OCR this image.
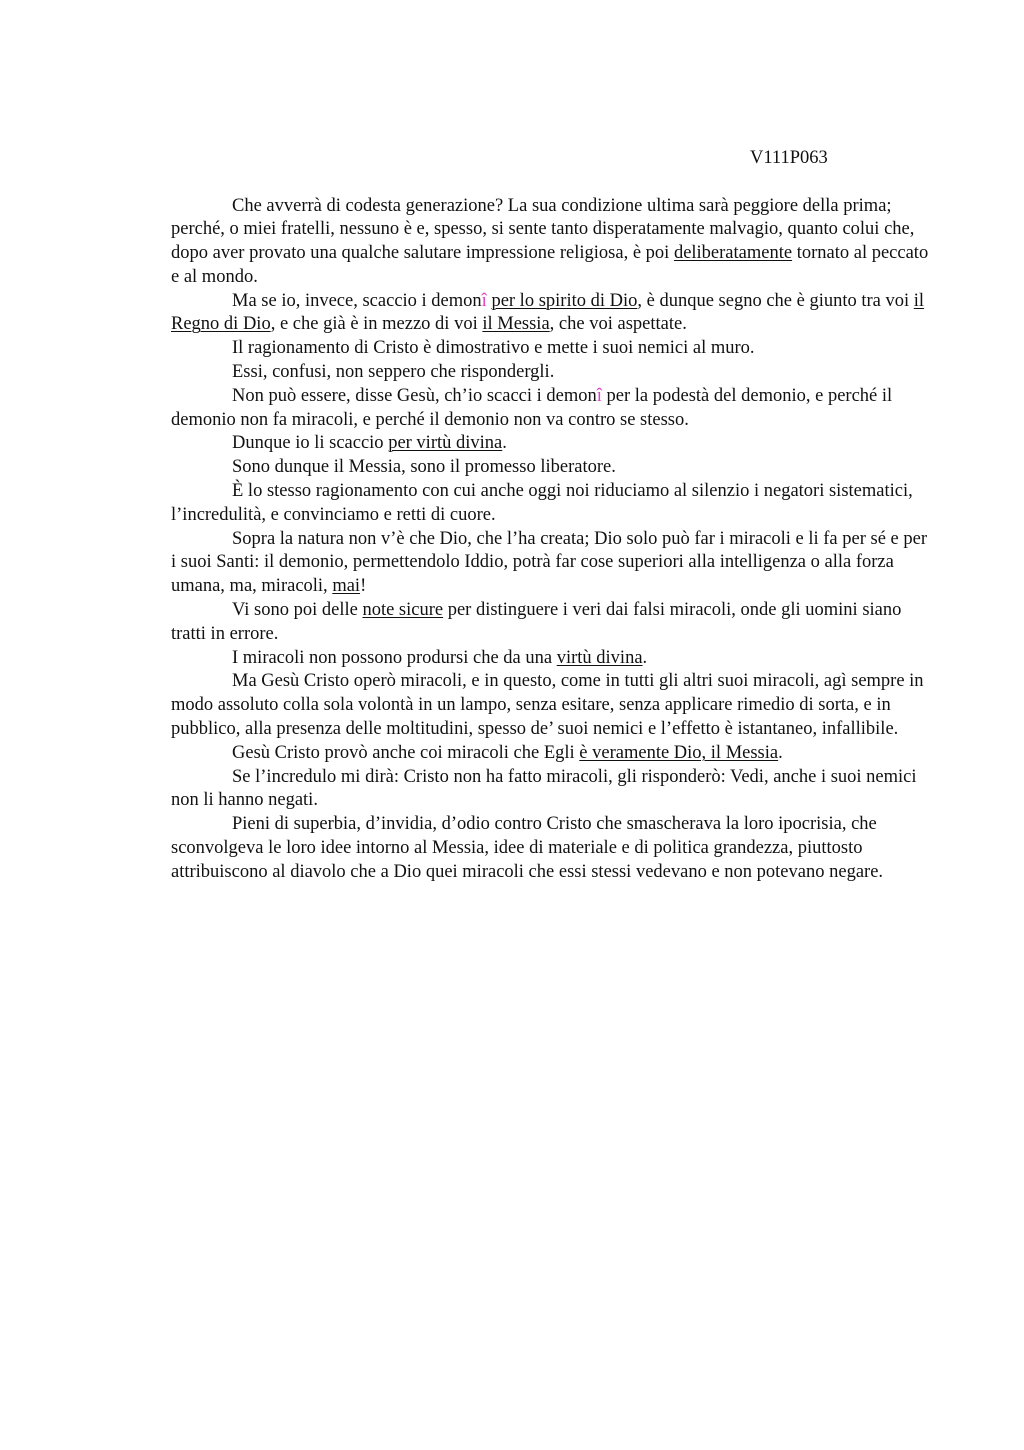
V111P063

Che avverrà di codesta generazione? La sua condizione ultima sarà peggiore della prima; perché, o miei fratelli, nessuno è e, spesso, si sente tanto disperatamente malvagio, quanto colui che, dopo aver provato una qualche salutare impressione religiosa, è poi deliberatamente tornato al peccato e al mondo.

Ma se io, invece, scaccio i demonî per lo spirito di Dio, è dunque segno che è giunto tra voi il Regno di Dio, e che già è in mezzo di voi il Messia, che voi aspettate.

Il ragionamento di Cristo è dimostrativo e mette i suoi nemici al muro.

Essi, confusi, non seppero che rispondergli.

Non può essere, disse Gesù, ch’io scacci i demonî per la podestà del demonio, e perché il demonio non fa miracoli, e perché il demonio non va contro se stesso.

Dunque io li scaccio per virtù divina.

Sono dunque il Messia, sono il promesso liberatore.

È lo stesso ragionamento con cui anche oggi noi riduciamo al silenzio i negatori sistematici, l’incredulità, e convinciamo e retti di cuore.

Sopra la natura non v’è che Dio, che l’ha creata; Dio solo può far i miracoli e li fa per sé e per i suoi Santi: il demonio, permettendolo Iddio, potrà far cose superiori alla intelligenza o alla forza umana, ma, miracoli, mai!

Vi sono poi delle note sicure per distinguere i veri dai falsi miracoli, onde gli uomini siano tratti in errore.

I miracoli non possono prodursi che da una virtù divina.

Ma Gesù Cristo operò miracoli, e in questo, come in tutti gli altri suoi miracoli, agì sempre in modo assoluto colla sola volontà in un lampo, senza esitare, senza applicare rimedio di sorta, e in pubblico, alla presenza delle moltitudini, spesso de’ suoi nemici e l’effetto è istantaneo, infallibile.

Gesù Cristo provò anche coi miracoli che Egli è veramente Dio, il Messia.

Se l’incredulo mi dirà: Cristo non ha fatto miracoli, gli risponderò: Vedi, anche i suoi nemici non li hanno negati.

Pieni di superbia, d’invidia, d’odio contro Cristo che smascherava la loro ipocrisia, che sconvolgeva le loro idee intorno al Messia, idee di materiale e di politica grandezza, piuttosto attribuiscono al diavolo che a Dio quei miracoli che essi stessi vedevano e non potevano negare.
